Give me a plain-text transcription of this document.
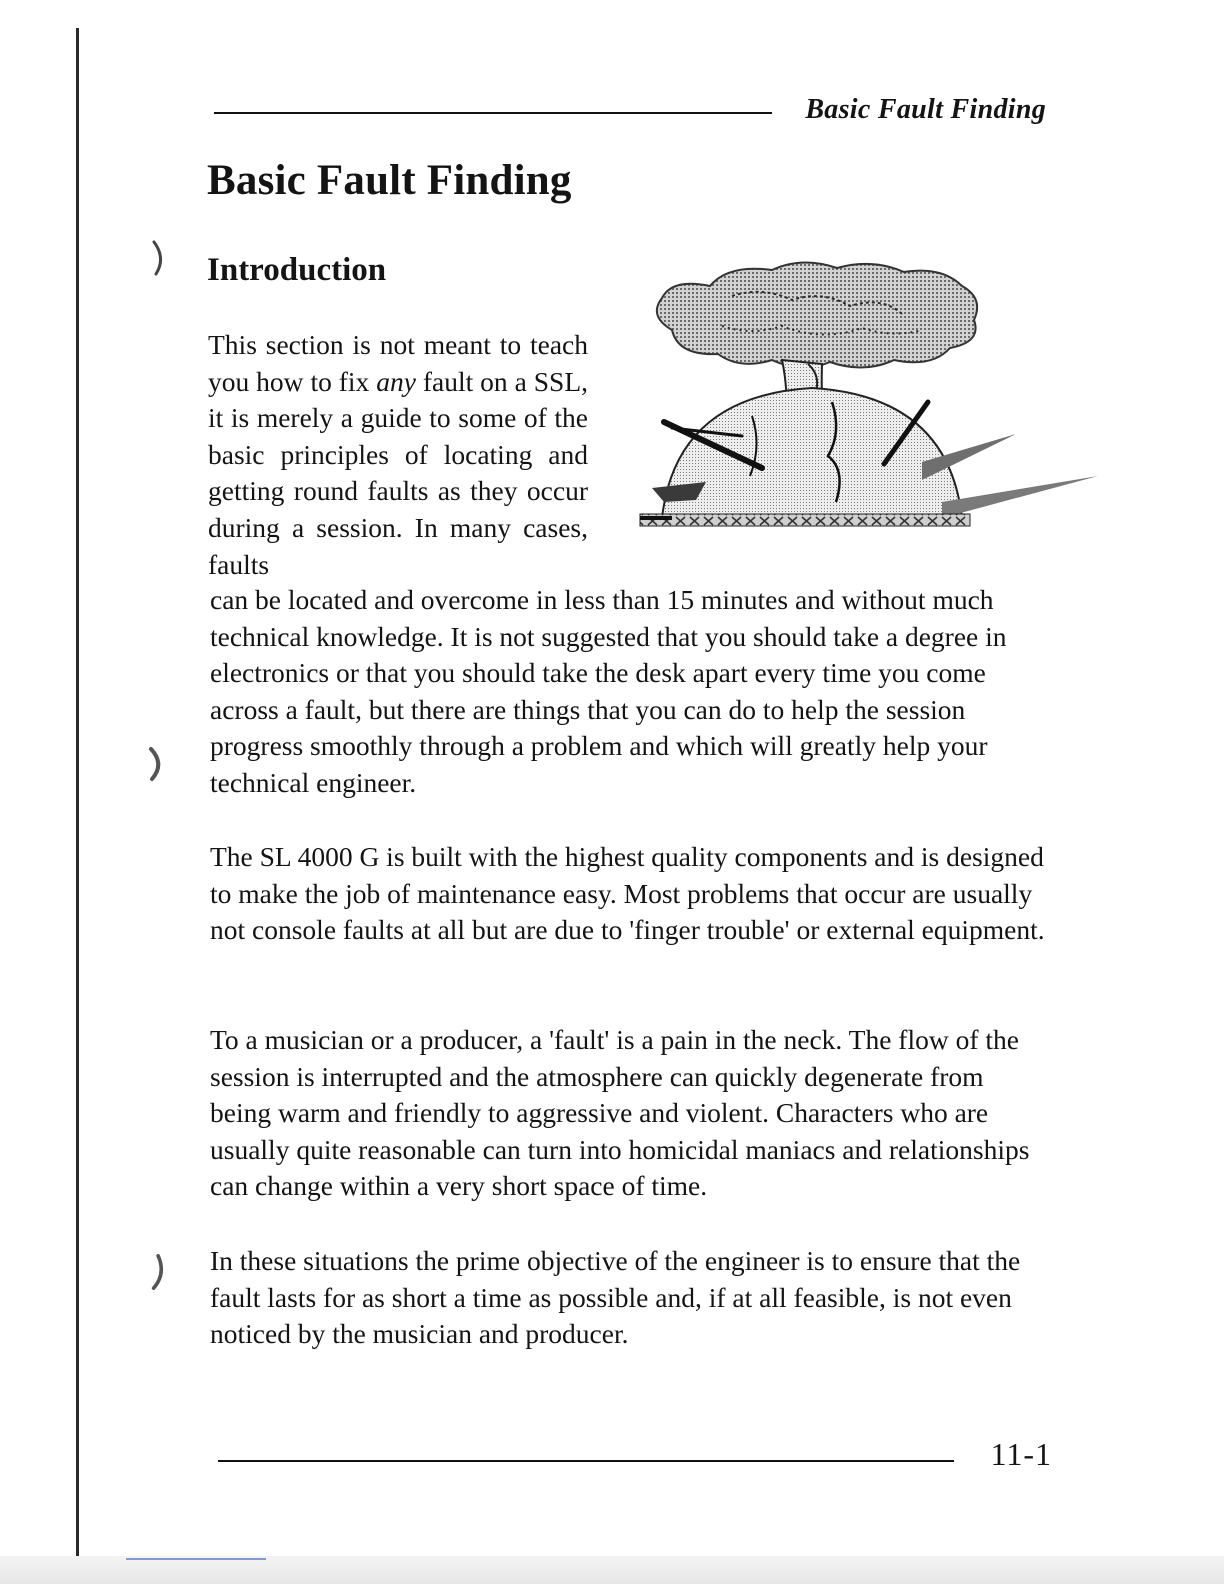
Basic Fault Finding
Basic Fault Finding
Introduction

This section is not meant to teach you how to fix any fault on a SSL, it is merely a guide to some of the basic principles of locating and getting round faults as they occur during a session. In many cases, faults

can be located and overcome in less than 15 minutes and without much technical knowledge. It is not suggested that you should take a degree in electronics or that you should take the desk apart every time you come across a fault, but there are things that you can do to help the session progress smoothly through a problem and which will greatly help your technical engineer.

The SL 4000 G is built with the highest quality components and is designed to make the job of maintenance easy. Most problems that occur are usually not console faults at all but are due to 'finger trouble' or external equipment.

To a musician or a producer, a 'fault' is a pain in the neck. The flow of the session is interrupted and the atmosphere can quickly degenerate from being warm and friendly to aggressive and violent. Characters who are usually quite reasonable can turn into homicidal maniacs and relationships can change within a very short space of time.

In these situations the prime objective of the engineer is to ensure that the fault lasts for as short a time as possible and, if at all feasible, is not even noticed by the musician and producer.

11-1
